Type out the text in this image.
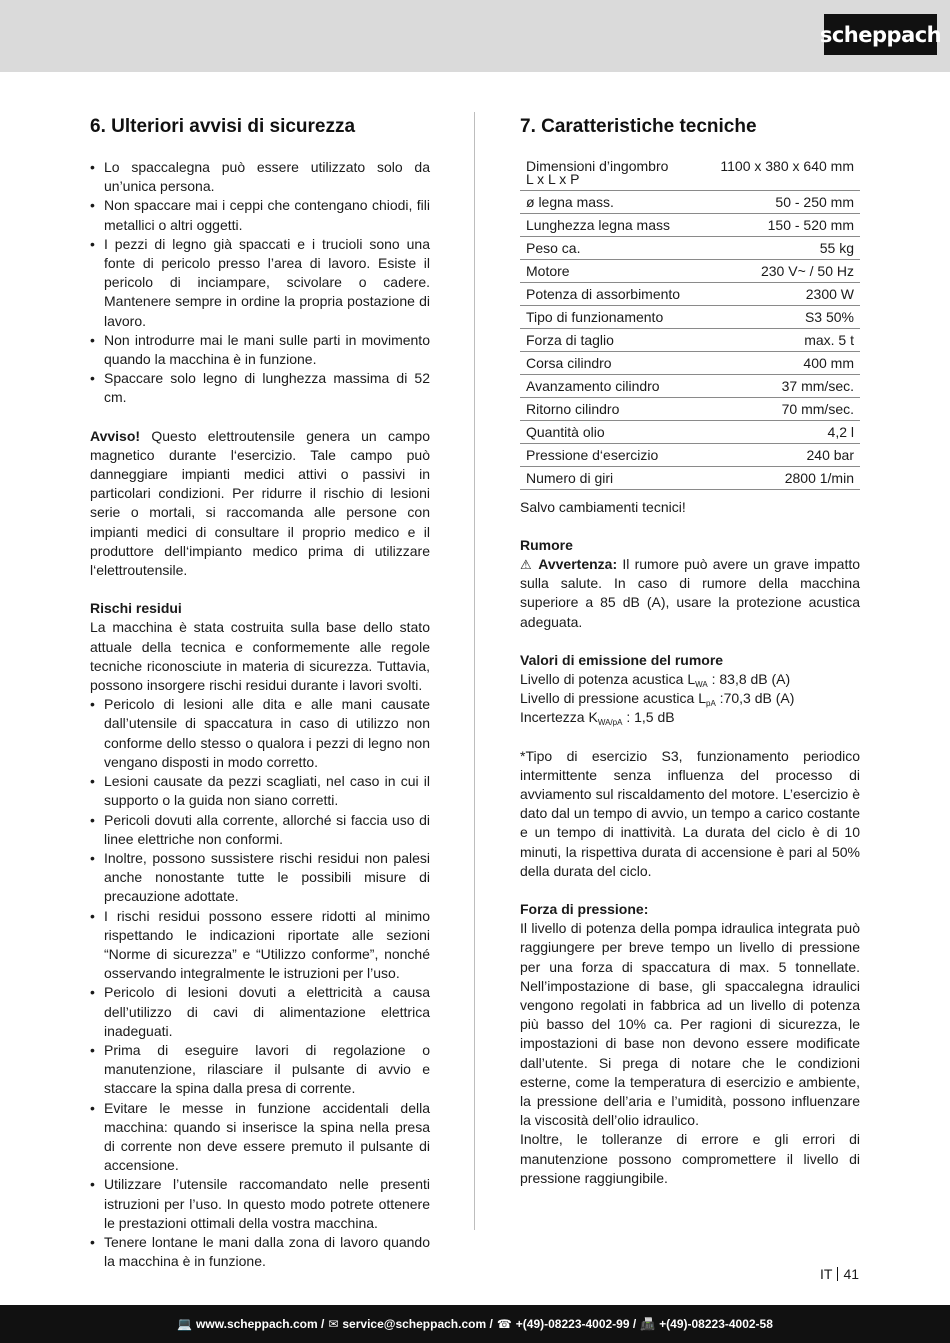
scheppach
6. Ulteriori avvisi di sicurezza
• Lo spaccalegna può essere utilizzato solo da un’unica persona.
• Non spaccare mai i ceppi che contengano chiodi, fili metallici o altri oggetti.
• I pezzi di legno già spaccati e i trucioli sono una fonte di pericolo presso l’area di lavoro. Esiste il pericolo di inciampare, scivolare o cadere. Mantenere sempre in ordine la propria postazione di lavoro.
• Non introdurre mai le mani sulle parti in movimento quando la macchina è in funzione.
• Spaccare solo legno di lunghezza massima di 52 cm.

Avviso! Questo elettroutensile genera un campo magnetico durante l‘esercizio. Tale campo può danneggiare impianti medici attivi o passivi in particolari condizioni. Per ridurre il rischio di lesioni serie o mortali, si raccomanda alle persone con impianti medici di consultare il proprio medico e il produttore dell‘impianto medico prima di utilizzare l‘elettroutensile.

Rischi residui

La macchina è stata costruita sulla base dello stato attuale della tecnica e conformemente alle regole tecniche riconosciute in materia di sicurezza. Tuttavia, possono insorgere rischi residui durante i lavori svolti.

• Pericolo di lesioni alle dita e alle mani causate dall’utensile di spaccatura in caso di utilizzo non conforme dello stesso o qualora i pezzi di legno non vengano disposti in modo corretto.
• Lesioni causate da pezzi scagliati, nel caso in cui il supporto o la guida non siano corretti.
• Pericoli dovuti alla corrente, allorché si faccia uso di linee elettriche non conformi.
• Inoltre, possono sussistere rischi residui non palesi anche nonostante tutte le possibili misure di precauzione adottate.
• I rischi residui possono essere ridotti al minimo rispettando le indicazioni riportate alle sezioni “Norme di sicurezza” e “Utilizzo conforme”, nonché osservando integralmente le istruzioni per l’uso.
• Pericolo di lesioni dovuti a elettricità a causa dell’utilizzo di cavi di alimentazione elettrica inadeguati.
• Prima di eseguire lavori di regolazione o manutenzione, rilasciare il pulsante di avvio e staccare la spina dalla presa di corrente.
• Evitare le messe in funzione accidentali della macchina: quando si inserisce la spina nella presa di corrente non deve essere premuto il pulsante di accensione.
• Utilizzare l’utensile raccomandato nelle presenti istruzioni per l’uso. In questo modo potrete ottenere le prestazioni ottimali della vostra macchina.
• Tenere lontane le mani dalla zona di lavoro quando la macchina è in funzione.
7. Caratteristiche tecniche
Dimensioni d’ingombro
L x L x P	1100 x 380 x 640 mm
ø legna mass.	50 - 250 mm
Lunghezza legna mass	150 - 520 mm
Peso ca.	55 kg
Motore	230 V~ / 50 Hz
Potenza di assorbimento	2300 W
Tipo di funzionamento	S3 50%
Forza di taglio	max. 5 t
Corsa cilindro	400 mm
Avanzamento cilindro	37 mm/sec.
Ritorno cilindro	70 mm/sec.
Quantità olio	4,2 l
Pressione d‘esercizio	240 bar
Numero di giri	2800 1/min

Salvo cambiamenti tecnici!

Rumore

⚠ Avvertenza: Il rumore può avere un grave impatto sulla salute. In caso di rumore della macchina superiore a 85 dB (A), usare la protezione acustica adeguata.

Valori di emissione del rumore

Livello di potenza acustica $L_{WA}$ : 83,8 dB (A)

Livello di pressione acustica $L_{pA}$ :70,3 dB (A)

Incertezza $K_{WA/pA}$ : 1,5 dB

*Tipo di esercizio S3, funzionamento periodico intermittente senza influenza del processo di avviamento sul riscaldamento del motore. L’esercizio è dato dal un tempo di avvio, un tempo a carico costante e un tempo di inattività. La durata del ciclo è di 10 minuti, la rispettiva durata di accensione è pari al 50% della durata del ciclo.

Forza di pressione:

Il livello di potenza della pompa idraulica integrata può raggiungere per breve tempo un livello di pressione per una forza di spaccatura di max. 5 tonnellate. Nell’impostazione di base, gli spaccalegna idraulici vengono regolati in fabbrica ad un livello di potenza più basso del 10% ca. Per ragioni di sicurezza, le impostazioni di base non devono essere modificate dall’utente. Si prega di notare che le condizioni esterne, come la temperatura di esercizio e ambiente, la pressione dell’aria e l’umidità, possono influenzare la viscosità dell’olio idraulico.

Inoltre, le tolleranze di errore e gli errori di manutenzione possono compromettere il livello di pressione raggiungibile.

IT 41
💻 www.scheppach.com / ✉ service@scheppach.com / ☎ +(49)-08223-4002-99 / 📠 +(49)-08223-4002-58
